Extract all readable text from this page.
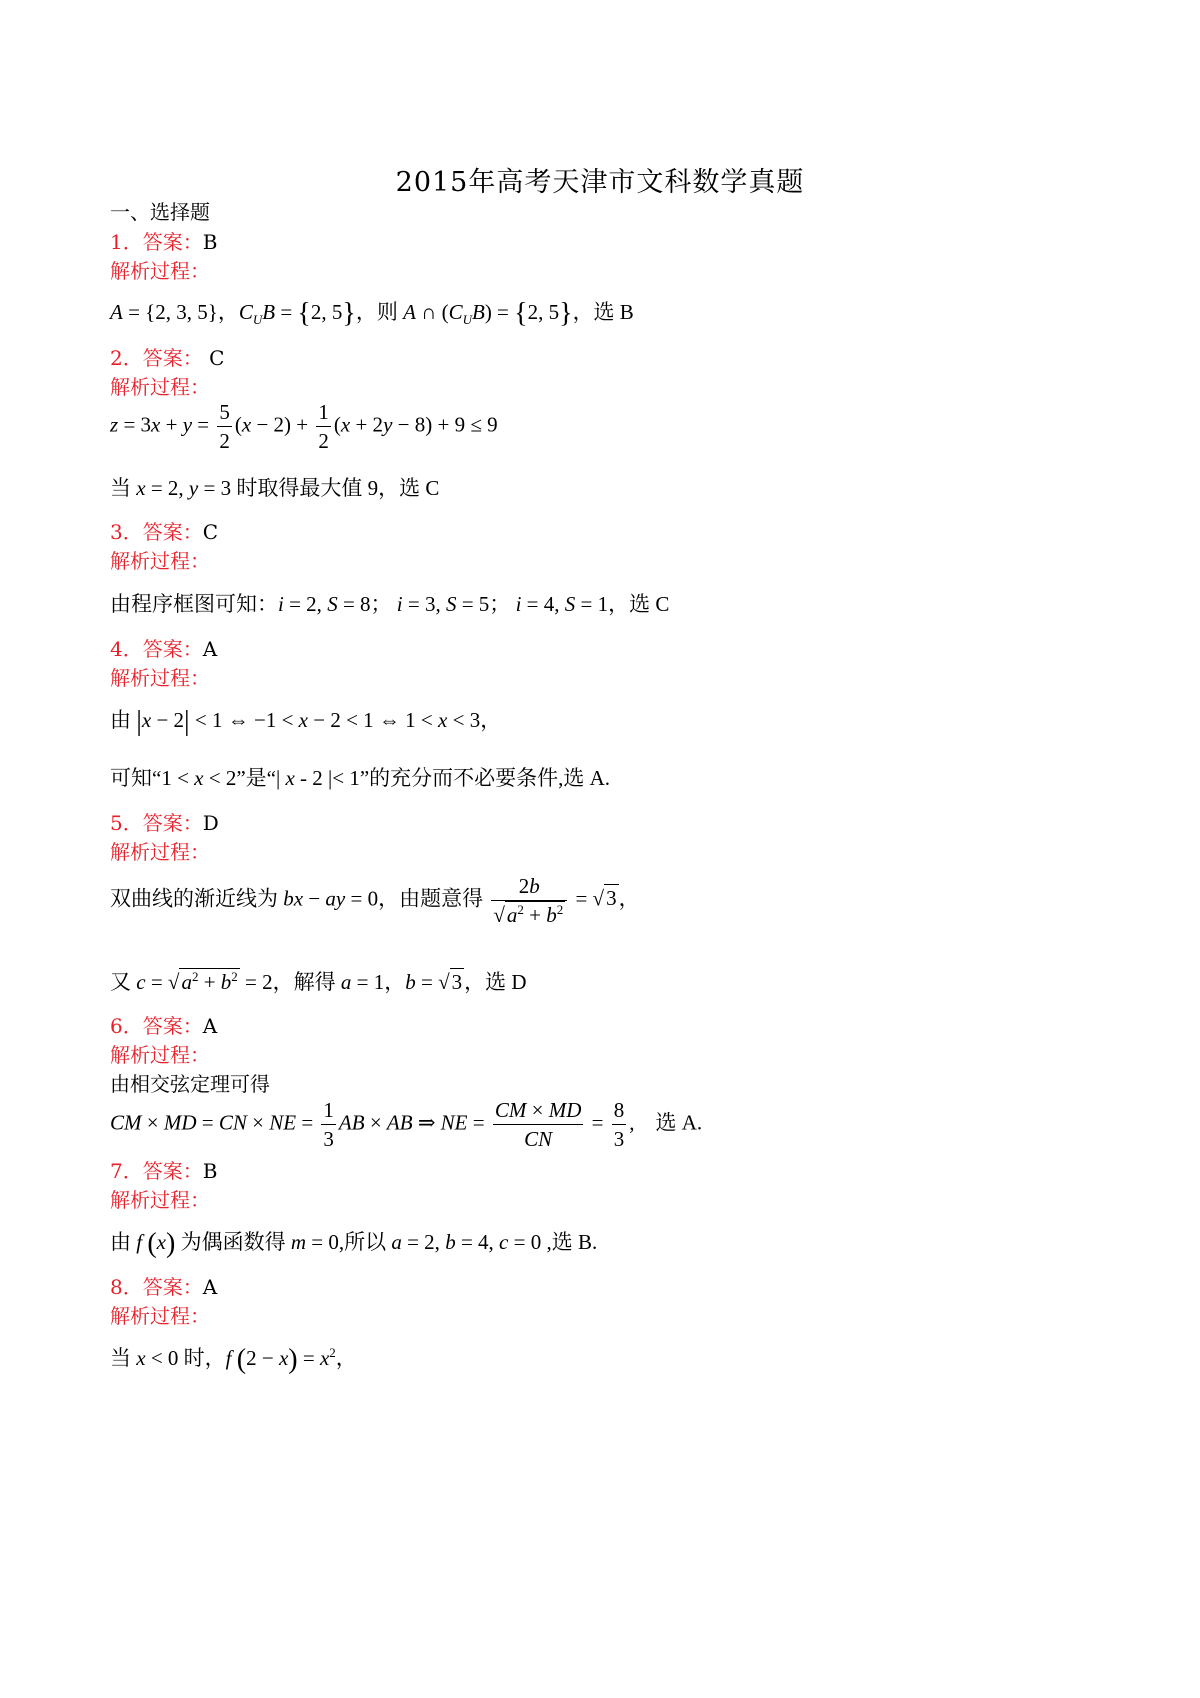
2015年高考天津市文科数学真题
一、选择题
1．答案：B
解析过程：
A = {2, 3, 5}，$C_UB = \{2$, 5}，则 A ∩ $(C_UB) = \{2$, 5}，选 B
2．答案： C
解析过程：
$z = 3x + y = \frac{5}{2} (x - 2) + \frac{1}{2} (x + 2y - 8) + 9 \le 9$
当 x = 2, y = 3 时取得最大值 9，选 C
3．答案：C
解析过程：
由程序框图可知：i = 2, S = 8； i = 3, S = 5； i = 4, S = 1，选 C
4．答案：A
解析过程：
由 |x − 2| < 1 ⇔ −1 < x − 2 < 1 ⇔ 1 < x < 3，
可知“1 < x < 2”是“| x - 2 |< 1”的充分而不必要条件,选 A.
5．答案：D
解析过程：
双曲线的渐近线为 bx − ay = 0，由题意得 $\frac{2b}{√a^2 + b^2} = √3$，
又 $c = √a^2 + b^2 = 2$，解得 a = 1，b = √3，选 D
6．答案：A
解析过程：
由相交弦定理可得
CM × MD = CN × NE = $\frac{1}{3}$ AB × AB ⇒ NE = $\frac{CM \times MD}{CN} = \frac{8}{3}$ ,    选 A.
7．答案：B
解析过程：
由 f (x) 为偶函数得 m = 0,所以 a = 2, b = 4, c = 0 ,选 B.
8．答案：A
解析过程：
当 x < 0 时，f $(2 - x) = x^2$，
